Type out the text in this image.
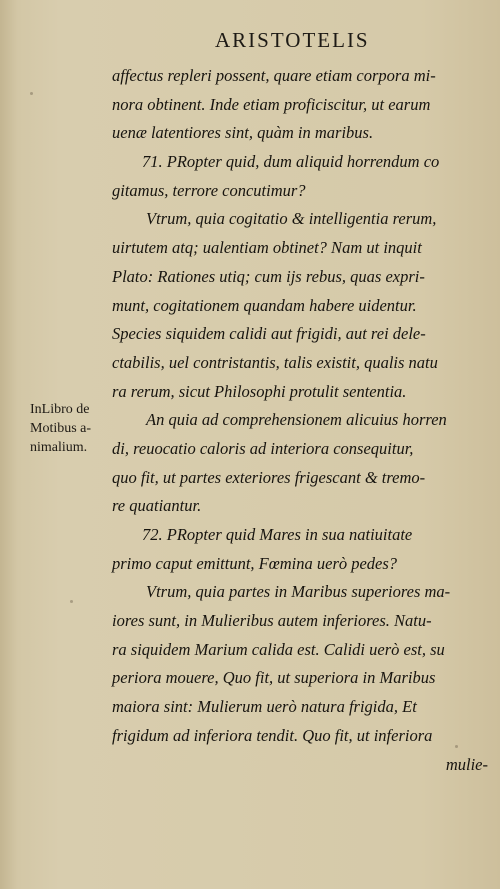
ARISTOTELIS
InLibro de
Motibus a-
nimalium.
affectus repleri possent, quare etiam corpora mi-
nora obtinent. Inde etiam proficiscitur, ut earum
uenæ latentiores sint, quàm in maribus.
71. PRopter quid, dum aliquid horrendum co
gitamus, terrore concutimur?
Vtrum, quia cogitatio & intelligentia rerum,
uirtutem atq; ualentiam obtinet? Nam ut inquit
Plato: Rationes utiq; cum ijs rebus, quas expri-
munt, cogitationem quandam habere uidentur.
Species siquidem calidi aut frigidi, aut rei dele-
ctabilis, uel contristantis, talis existit, qualis natu
ra rerum, sicut Philosophi protulit sententia.
An quia ad comprehensionem alicuius horren
di, reuocatio caloris ad interiora consequitur,
quo fit, ut partes exteriores frigescant & tremo-
re quatiantur.
72. PRopter quid Mares in sua natiuitate
primo caput emittunt, Fœmina uerò pedes?
Vtrum, quia partes in Maribus superiores ma-
iores sunt, in Mulieribus autem inferiores. Natu-
ra siquidem Marium calida est. Calidi uerò est, su
periora mouere, Quo fit, ut superiora in Maribus
maiora sint: Mulierum uerò natura frigida, Et
frigidum ad inferiora tendit. Quo fit, ut inferiora
mulie-
